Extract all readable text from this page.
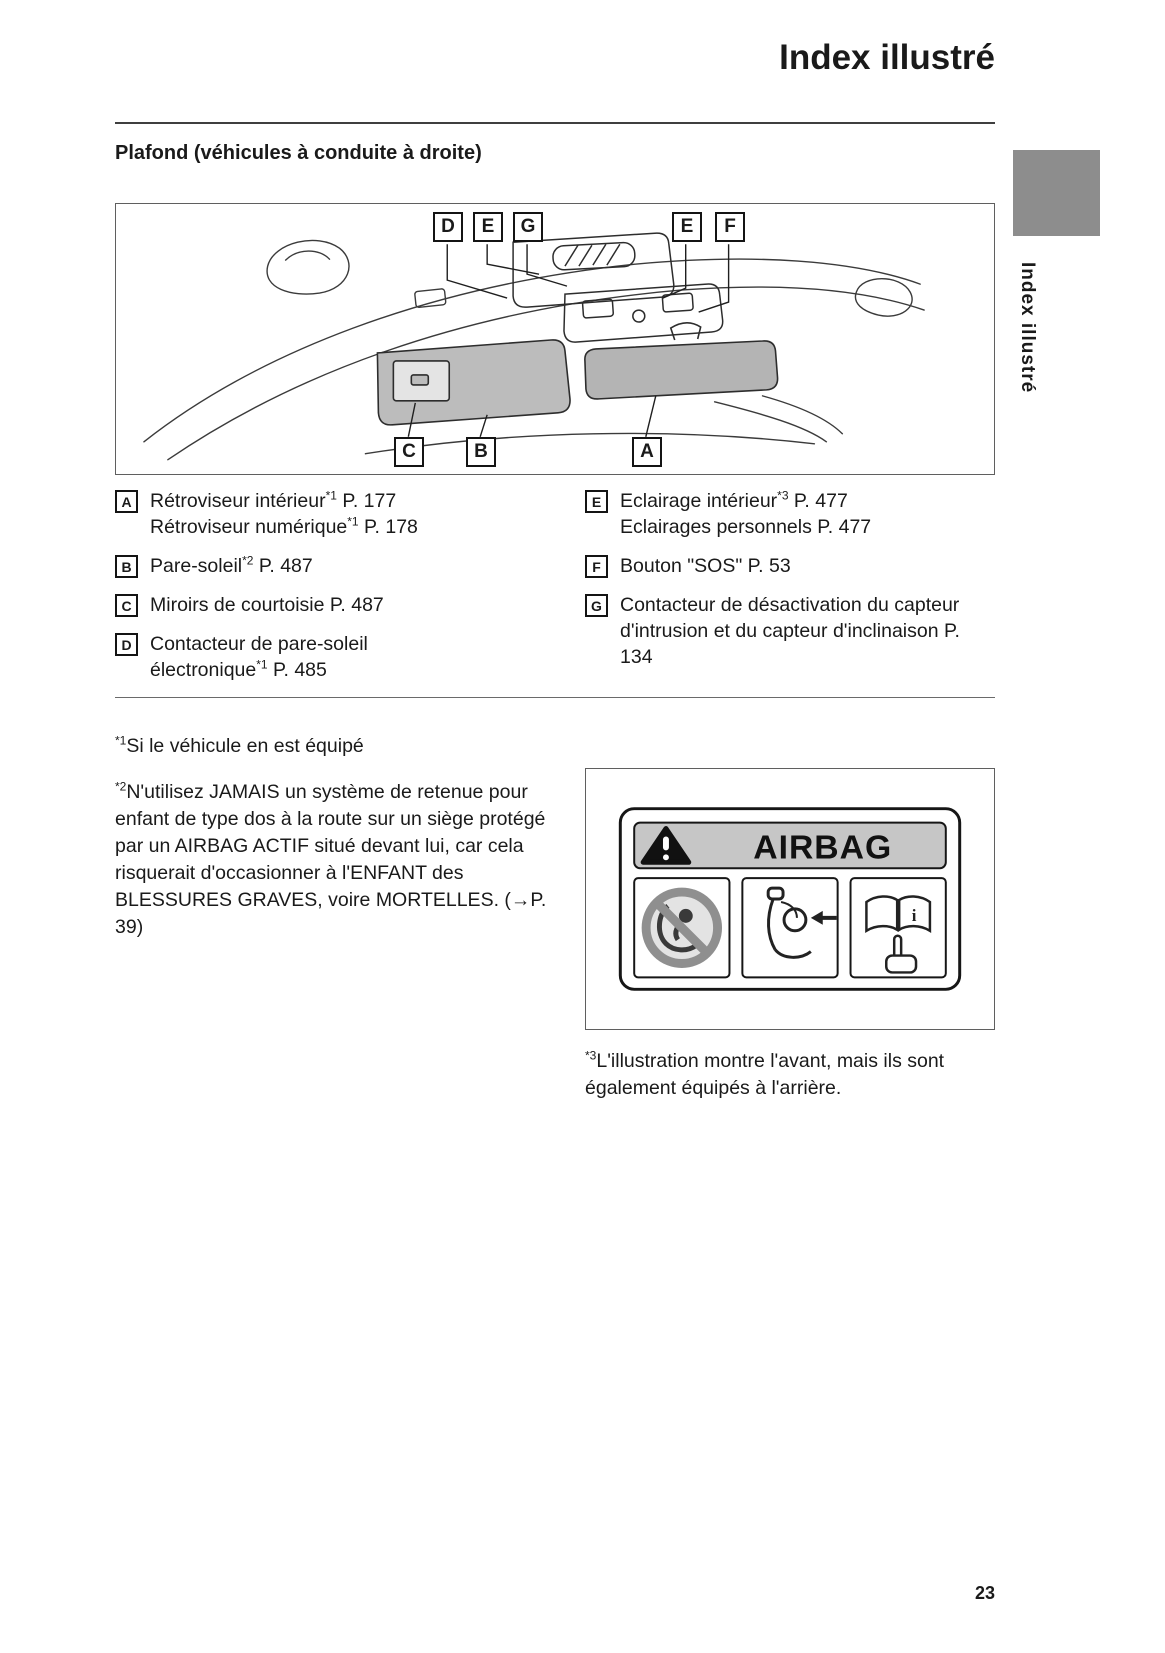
Index illustré
Plafond (véhicules à conduite à droite)
Index illustré
D	E	G	E	F
C	B	A
A Rétroviseur intérieur$^{*1}$ P. 177

Rétroviseur numérique$^{*1}$ P. 178

B Pare-soleil$^{*2}$ P. 487

C Miroirs de courtoisie P. 487

D Contacteur de pare-soleil électronique$^{*1}$ P. 485

E Eclairage intérieur$^{*3}$ P. 477

Eclairages personnels P. 477

F Bouton "SOS" P. 53

G Contacteur de désactivation du capteur d'intrusion et du capteur d'inclinaison P. 134

$^{*1}$Si le véhicule en est équipé

$^{*2}$N'utilisez JAMAIS un système de retenue pour enfant de type dos à la route sur un siège protégé par un AIRBAG ACTIF situé devant lui, car cela risquerait d'occasionner à l'ENFANT des BLESSURES GRAVES, voire MORTELLES. (→P. 39)

AIRBAG
i

$^{*3}$L'illustration montre l'avant, mais ils sont également équipés à l'arrière.

23
